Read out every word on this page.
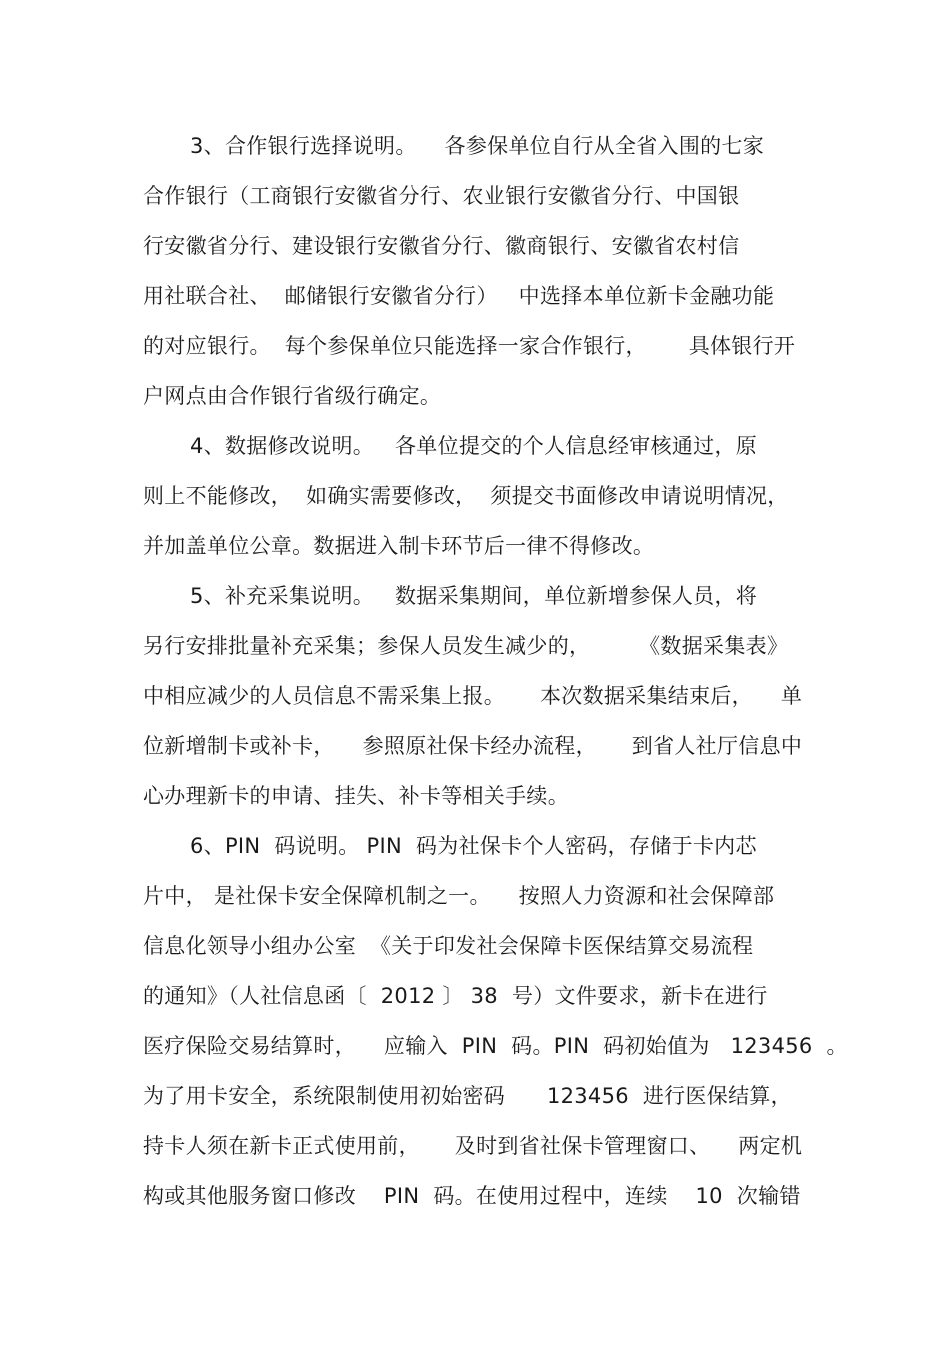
3、合作银行选择说明。    各参保单位自行从全省入围的七家
合作银行（工商银行安徽省分行、农业银行安徽省分行、中国银
行安徽省分行、建设银行安徽省分行、徽商银行、安徽省农村信
用社联合社、  邮储银行安徽省分行）   中选择本单位新卡金融功能
的对应银行。  每个参保单位只能选择一家合作银行，      具体银行开
户网点由合作银行省级行确定。
4、数据修改说明。   各单位提交的个人信息经审核通过，原
则上不能修改，  如确实需要修改，  须提交书面修改申请说明情况，
并加盖单位公章。数据进入制卡环节后一律不得修改。
5、补充采集说明。   数据采集期间，单位新增参保人员，将
另行安排批量补充采集；参保人员发生减少的，       《数据采集表》
中相应减少的人员信息不需采集上报。     本次数据采集结束后，    单
位新增制卡或补卡，    参照原社保卡经办流程，     到省人社厅信息中
心办理新卡的申请、挂失、补卡等相关手续。
6、PIN  码说明。 PIN  码为社保卡个人密码，存储于卡内芯
片中， 是社保卡安全保障机制之一。    按照人力资源和社会保障部
信息化领导小组办公室  《关于印发社会保障卡医保结算交易流程
的通知》（人社信息函〔  2012 〕 38  号）文件要求，新卡在进行
医疗保险交易结算时，    应输入  PIN  码。PIN  码初始值为   123456  。
为了用卡安全，系统限制使用初始密码      123456  进行医保结算，
持卡人须在新卡正式使用前，     及时到省社保卡管理窗口、    两定机
构或其他服务窗口修改    PIN  码。在使用过程中，连续    10  次输错
